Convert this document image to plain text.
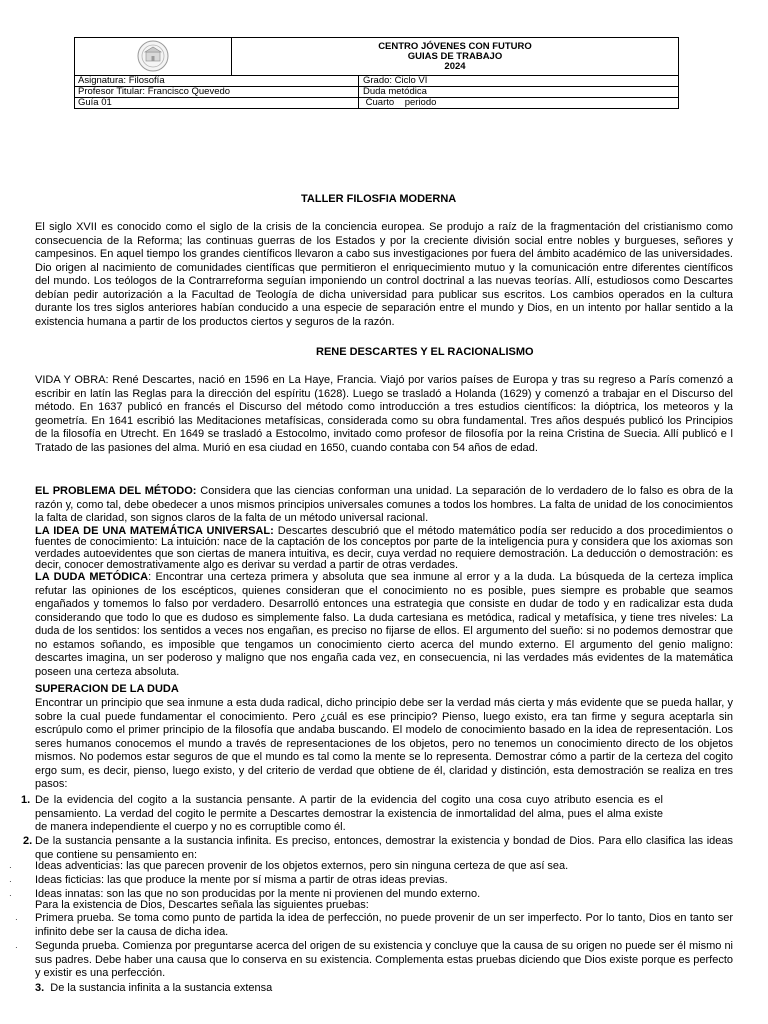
CENTRO JÓVENES CON FUTURO
GUIAS DE TRABAJO
2024	

Asignatura: Filosofía		Grado: Ciclo VI
Profesor Titular: Francisco Quevedo		Duda metódica
Guía 01		Cuarto    periodo
TALLER FILOSFIA MODERNA
El siglo XVII es conocido como el siglo de la crisis de la conciencia europea. Se produjo a raíz de la fragmentación del cristianismo como consecuencia de la Reforma; las continuas guerras de los Estados y por la creciente división social entre nobles y burgueses, señores y campesinos. En aquel tiempo los grandes científicos llevaron a cabo sus investigaciones por fuera del ámbito académico de las universidades. Dio origen al nacimiento de comunidades científicas que permitieron el enriquecimiento mutuo y la comunicación entre diferentes científicos del mundo. Los teólogos de la Contrarreforma seguían imponiendo un control doctrinal a las nuevas teorías. Allí, estudiosos como Descartes debían pedir autorización a la Facultad de Teología de dicha universidad para publicar sus escritos. Los cambios operados en la cultura durante los tres siglos anteriores habían conducido a una especie de separación entre el mundo y Dios, en un intento por hallar sentido a la existencia humana a partir de los productos ciertos y seguros de la razón.
RENE DESCARTES Y EL RACIONALISMO
VIDA Y OBRA: René Descartes, nació en 1596 en La Haye, Francia. Viajó por varios países de Europa y tras su regreso a París comenzó a escribir en latín las Reglas para la dirección del espíritu (1628). Luego se trasladó a Holanda (1629) y comenzó a trabajar en el Discurso del método. En 1637 publicó en francés el Discurso del método como introducción a tres estudios científicos: la dióptrica, los meteoros y la geometría. En 1641 escribió las Meditaciones metafísicas, considerada como su obra fundamental. Tres años después publicó los Principios de la filosofía en Utrecht. En 1649 se trasladó a Estocolmo, invitado como profesor de filosofía por la reina Cristina de Suecia. Allí publicó e l Tratado de las pasiones del alma. Murió en esa ciudad en 1650, cuando contaba con 54 años de edad.
EL PROBLEMA DEL MÉTODO: Considera que las ciencias conforman una unidad. La separación de lo verdadero de lo falso es obra de la razón y, como tal, debe obedecer a unos mismos principios universales comunes a todos los hombres. La falta de unidad de los conocimientos la falta de claridad, son signos claros de la falta de un método universal racional.
LA IDEA DE UNA MATEMÁTICA UNIVERSAL: Descartes descubrió que el método matemático podía ser reducido a dos procedimientos o fuentes de conocimiento: La intuición: nace de la captación de los conceptos por parte de la inteligencia pura y considera que los axiomas son verdades autoevidentes que son ciertas de manera intuitiva, es decir, cuya verdad no requiere demostración. La deducción o demostración: es decir, conocer demostrativamente algo es derivar su verdad a partir de otras verdades.
LA DUDA METÓDICA: Encontrar una certeza primera y absoluta que sea inmune al error y a la duda. La búsqueda de la certeza implica refutar las opiniones de los escépticos, quienes consideran que el conocimiento no es posible, pues siempre es probable que seamos engañados y tomemos lo falso por verdadero. Desarrolló entonces una estrategia que consiste en dudar de todo y en radicalizar esta duda considerando que todo lo que es dudoso es simplemente falso. La duda cartesiana es metódica, radical y metafísica, y tiene tres niveles: La duda de los sentidos: los sentidos a veces nos engañan, es preciso no fijarse de ellos. El argumento del sueño: si no podemos demostrar que no estamos soñando, es imposible que tengamos un conocimiento cierto acerca del mundo externo. El argumento del genio maligno: descartes imagina, un ser poderoso y maligno que nos engaña cada vez, en consecuencia, ni las verdades más evidentes de la matemática poseen una certeza absoluta.
SUPERACION DE LA DUDA
Encontrar un principio que sea inmune a esta duda radical, dicho principio debe ser la verdad más cierta y más evidente que se pueda hallar, y sobre la cual puede fundamentar el conocimiento. Pero ¿cuál es ese principio? Pienso, luego existo, era tan firme y segura aceptarla sin escrúpulo como el primer principio de la filosofía que andaba buscando. El modelo de conocimiento basado en la idea de representación. Los seres humanos conocemos el mundo a través de representaciones de los objetos, pero no tenemos un conocimiento directo de los objetos mismos. No podemos estar seguros de que el mundo es tal como la mente se lo representa. Demostrar cómo a partir de la certeza del cogito ergo sum, es decir, pienso, luego existo, y del criterio de verdad que obtiene de él, claridad y distinción, esta demostración se realiza en tres pasos:
1. De la evidencia del cogito a la sustancia pensante. A partir de la evidencia del cogito una cosa cuyo atributo esencia es el pensamiento. La verdad del cogito le permite a Descartes demostrar la existencia de inmortalidad del alma, pues el alma existe de manera independiente el cuerpo y no es corruptible como él.
2. De la sustancia pensante a la sustancia infinita. Es preciso, entonces, demostrar la existencia y bondad de Dios. Para ello clasifica las ideas que contiene su pensamiento en:
· Ideas adventicias: las que parecen provenir de los objetos externos, pero sin ninguna certeza de que así sea.
· Ideas ficticias: las que produce la mente por sí misma a partir de otras ideas previas.
· Ideas innatas: son las que no son producidas por la mente ni provienen del mundo externo.
Para la existencia de Dios, Descartes señala las siguientes pruebas:
· Primera prueba. Se toma como punto de partida la idea de perfección, no puede provenir de un ser imperfecto. Por lo tanto, Dios en tanto ser infinito debe ser la causa de dicha idea.
· Segunda prueba. Comienza por preguntarse acerca del origen de su existencia y concluye que la causa de su origen no puede ser él mismo ni sus padres. Debe haber una causa que lo conserva en su existencia. Complementa estas pruebas diciendo que Dios existe porque es perfecto y existir es una perfección.
3.  De la sustancia infinita a la sustancia extensa
